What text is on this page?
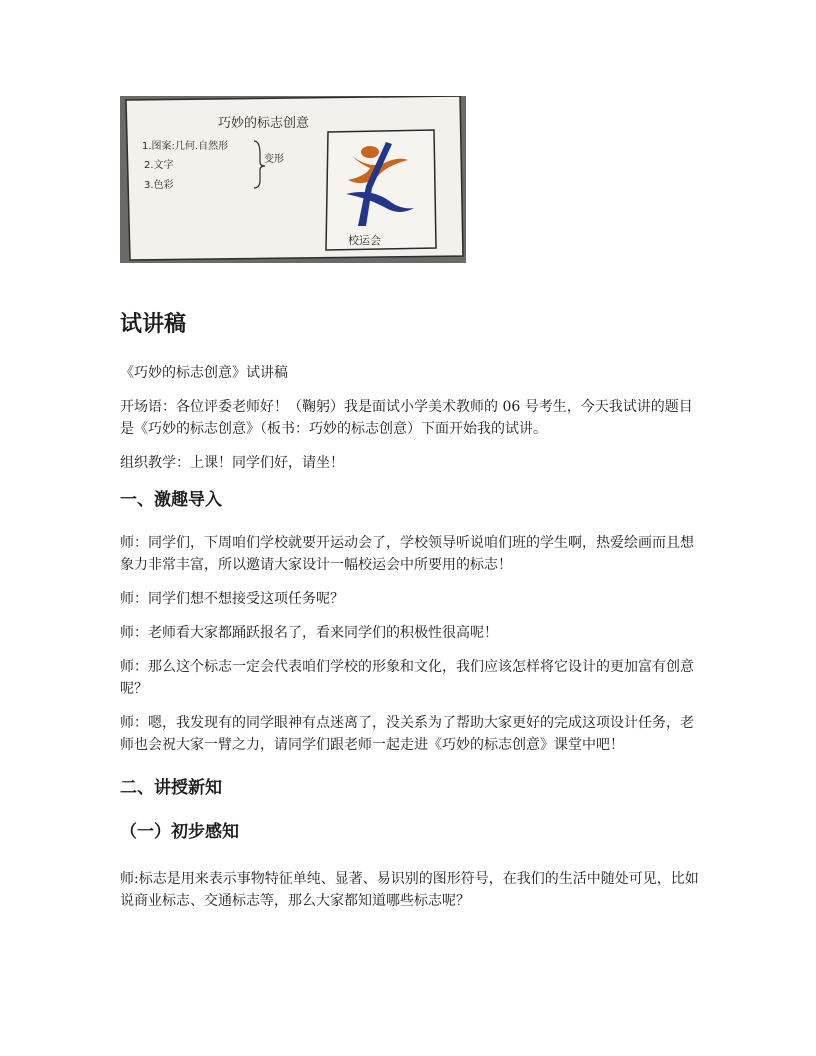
巧妙的标志创意
1.图案:几何.自然形
2.文字
3.色彩
变形
校运会
试讲稿

《巧妙的标志创意》试讲稿

开场语：各位评委老师好！（鞠躬）我是面试小学美术教师的 06 号考生，今天我试讲的题目是《巧妙的标志创意》（板书：巧妙的标志创意）下面开始我的试讲。

组织教学：上课！同学们好，请坐！

一、激趣导入

师：同学们，下周咱们学校就要开运动会了，学校领导听说咱们班的学生啊，热爱绘画而且想象力非常丰富，所以邀请大家设计一幅校运会中所要用的标志！

师：同学们想不想接受这项任务呢？

师：老师看大家都踊跃报名了，看来同学们的积极性很高呢！

师：那么这个标志一定会代表咱们学校的形象和文化，我们应该怎样将它设计的更加富有创意呢？

师：嗯，我发现有的同学眼神有点迷离了，没关系为了帮助大家更好的完成这项设计任务，老师也会祝大家一臂之力，请同学们跟老师一起走进《巧妙的标志创意》课堂中吧！

二、讲授新知
（一）初步感知

师:标志是用来表示事物特征单纯、显著、易识别的图形符号，在我们的生活中随处可见，比如说商业标志、交通标志等，那么大家都知道哪些标志呢？
